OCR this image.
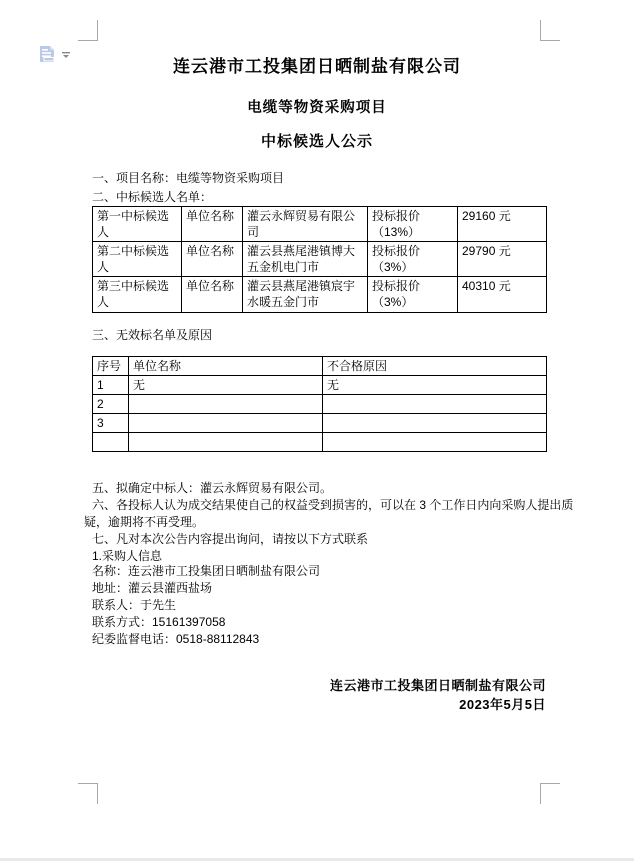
连云港市工投集团日晒制盐有限公司
电缆等物资采购项目
中标候选人公示
一、项目名称：电缆等物资采购项目
二、中标候选人名单：
第一中标候选人	单位名称	灌云永辉贸易有限公司	投标报价（13%）	29160 元
第二中标候选人	单位名称	灌云县燕尾港镇博大五金机电门市	投标报价（3%）	29790 元
第三中标候选人	单位名称	灌云县燕尾港镇宸宇水暖五金门市	投标报价（3%）	40310 元
三、无效标名单及原因
序号	单位名称	不合格原因
1	无	无
2		
3		

五、拟确定中标人：灌云永辉贸易有限公司。
六、各投标人认为成交结果使自己的权益受到损害的，可以在 3 个工作日内向采购人提出质
疑，逾期将不再受理。
七、凡对本次公告内容提出询问，请按以下方式联系
1.采购人信息
名称：连云港市工投集团日晒制盐有限公司
地址：灌云县灌西盐场
联系人：于先生
联系方式：15161397058
纪委监督电话：0518-88112843
连云港市工投集团日晒制盐有限公司
2023年5月5日
